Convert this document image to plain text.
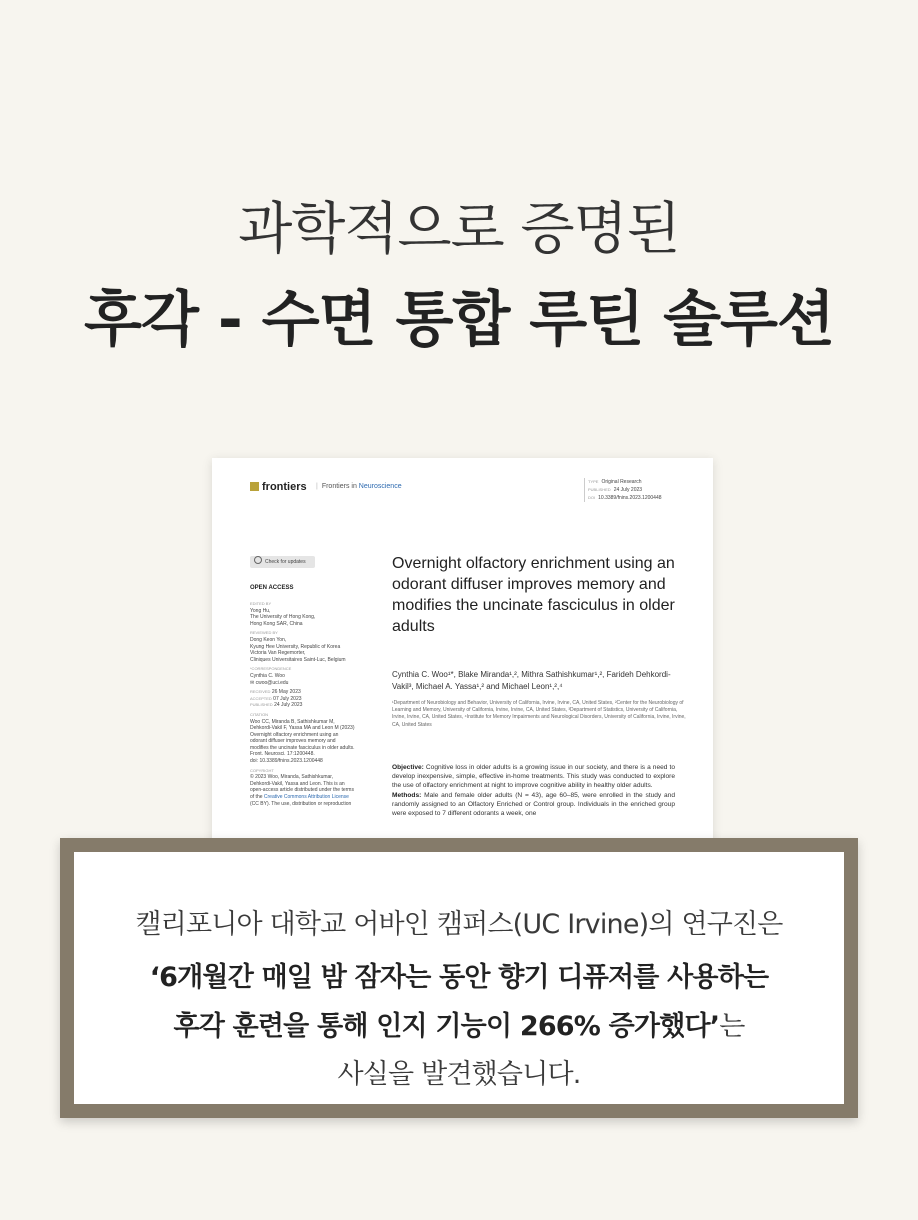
과학적으로 증명된
후각 - 수면 통합 루틴 솔루션
frontiers | Frontiers in Neuroscience
TYPE Original Research
PUBLISHED 24 July 2023
DOI 10.3389/fnins.2023.1200448
Check for updates
OPEN ACCESS
EDITED BY
Yong Hu,
The University of Hong Kong,
Hong Kong SAR, China
REVIEWED BY
Dong Keon Yon,
Kyung Hee University, Republic of Korea
Victoria Van Regemorter,
Cliniques Universitaires Saint-Luc, Belgium
*CORRESPONDENCE
Cynthia C. Woo
✉ cwoo@uci.edu
RECEIVED 26 May 2023
ACCEPTED 07 July 2023
PUBLISHED 24 July 2023
CITATION
Woo CC, Miranda B, Sathishkumar M,
Dehkordi-Vakil F, Yassa MA and Leon M (2023)
Overnight olfactory enrichment using an
odorant diffuser improves memory and
modifies the uncinate fasciculus in older adults.
Front. Neurosci. 17:1200448.
doi: 10.3389/fnins.2023.1200448
COPYRIGHT
© 2023 Woo, Miranda, Sathishkumar,
Dehkordi-Vakil, Yassa and Leon. This is an
open-access article distributed under the terms
of the Creative Commons Attribution License
(CC BY). The use, distribution or reproduction
Overnight olfactory enrichment using an odorant diffuser improves memory and modifies the uncinate fasciculus in older adults
Cynthia C. Woo¹*, Blake Miranda¹,², Mithra Sathishkumar¹,², Farideh Dehkordi-Vakil³, Michael A. Yassa¹,² and Michael Leon¹,²,⁴
¹Department of Neurobiology and Behavior, University of California, Irvine, Irvine, CA, United States, ²Center for the Neurobiology of Learning and Memory, University of California, Irvine, Irvine, CA, United States, ³Department of Statistics, University of California, Irvine, Irvine, CA, United States, ⁴Institute for Memory Impairments and Neurological Disorders, University of California, Irvine, Irvine, CA, United States
Objective: Cognitive loss in older adults is a growing issue in our society, and there is a need to develop inexpensive, simple, effective in-home treatments. This study was conducted to explore the use of olfactory enrichment at night to improve cognitive ability in healthy older adults.
Methods: Male and female older adults (N = 43), age 60–85, were enrolled in the study and randomly assigned to an Olfactory Enriched or Control group. Individuals in the enriched group were exposed to 7 different odorants a week, one
캘리포니아 대학교 어바인 캠퍼스(UC Irvine)의 연구진은
‘6개월간 매일 밤 잠자는 동안 향기 디퓨저를 사용하는
후각 훈련을 통해 인지 기능이 266% 증가했다’는
사실을 발견했습니다.
